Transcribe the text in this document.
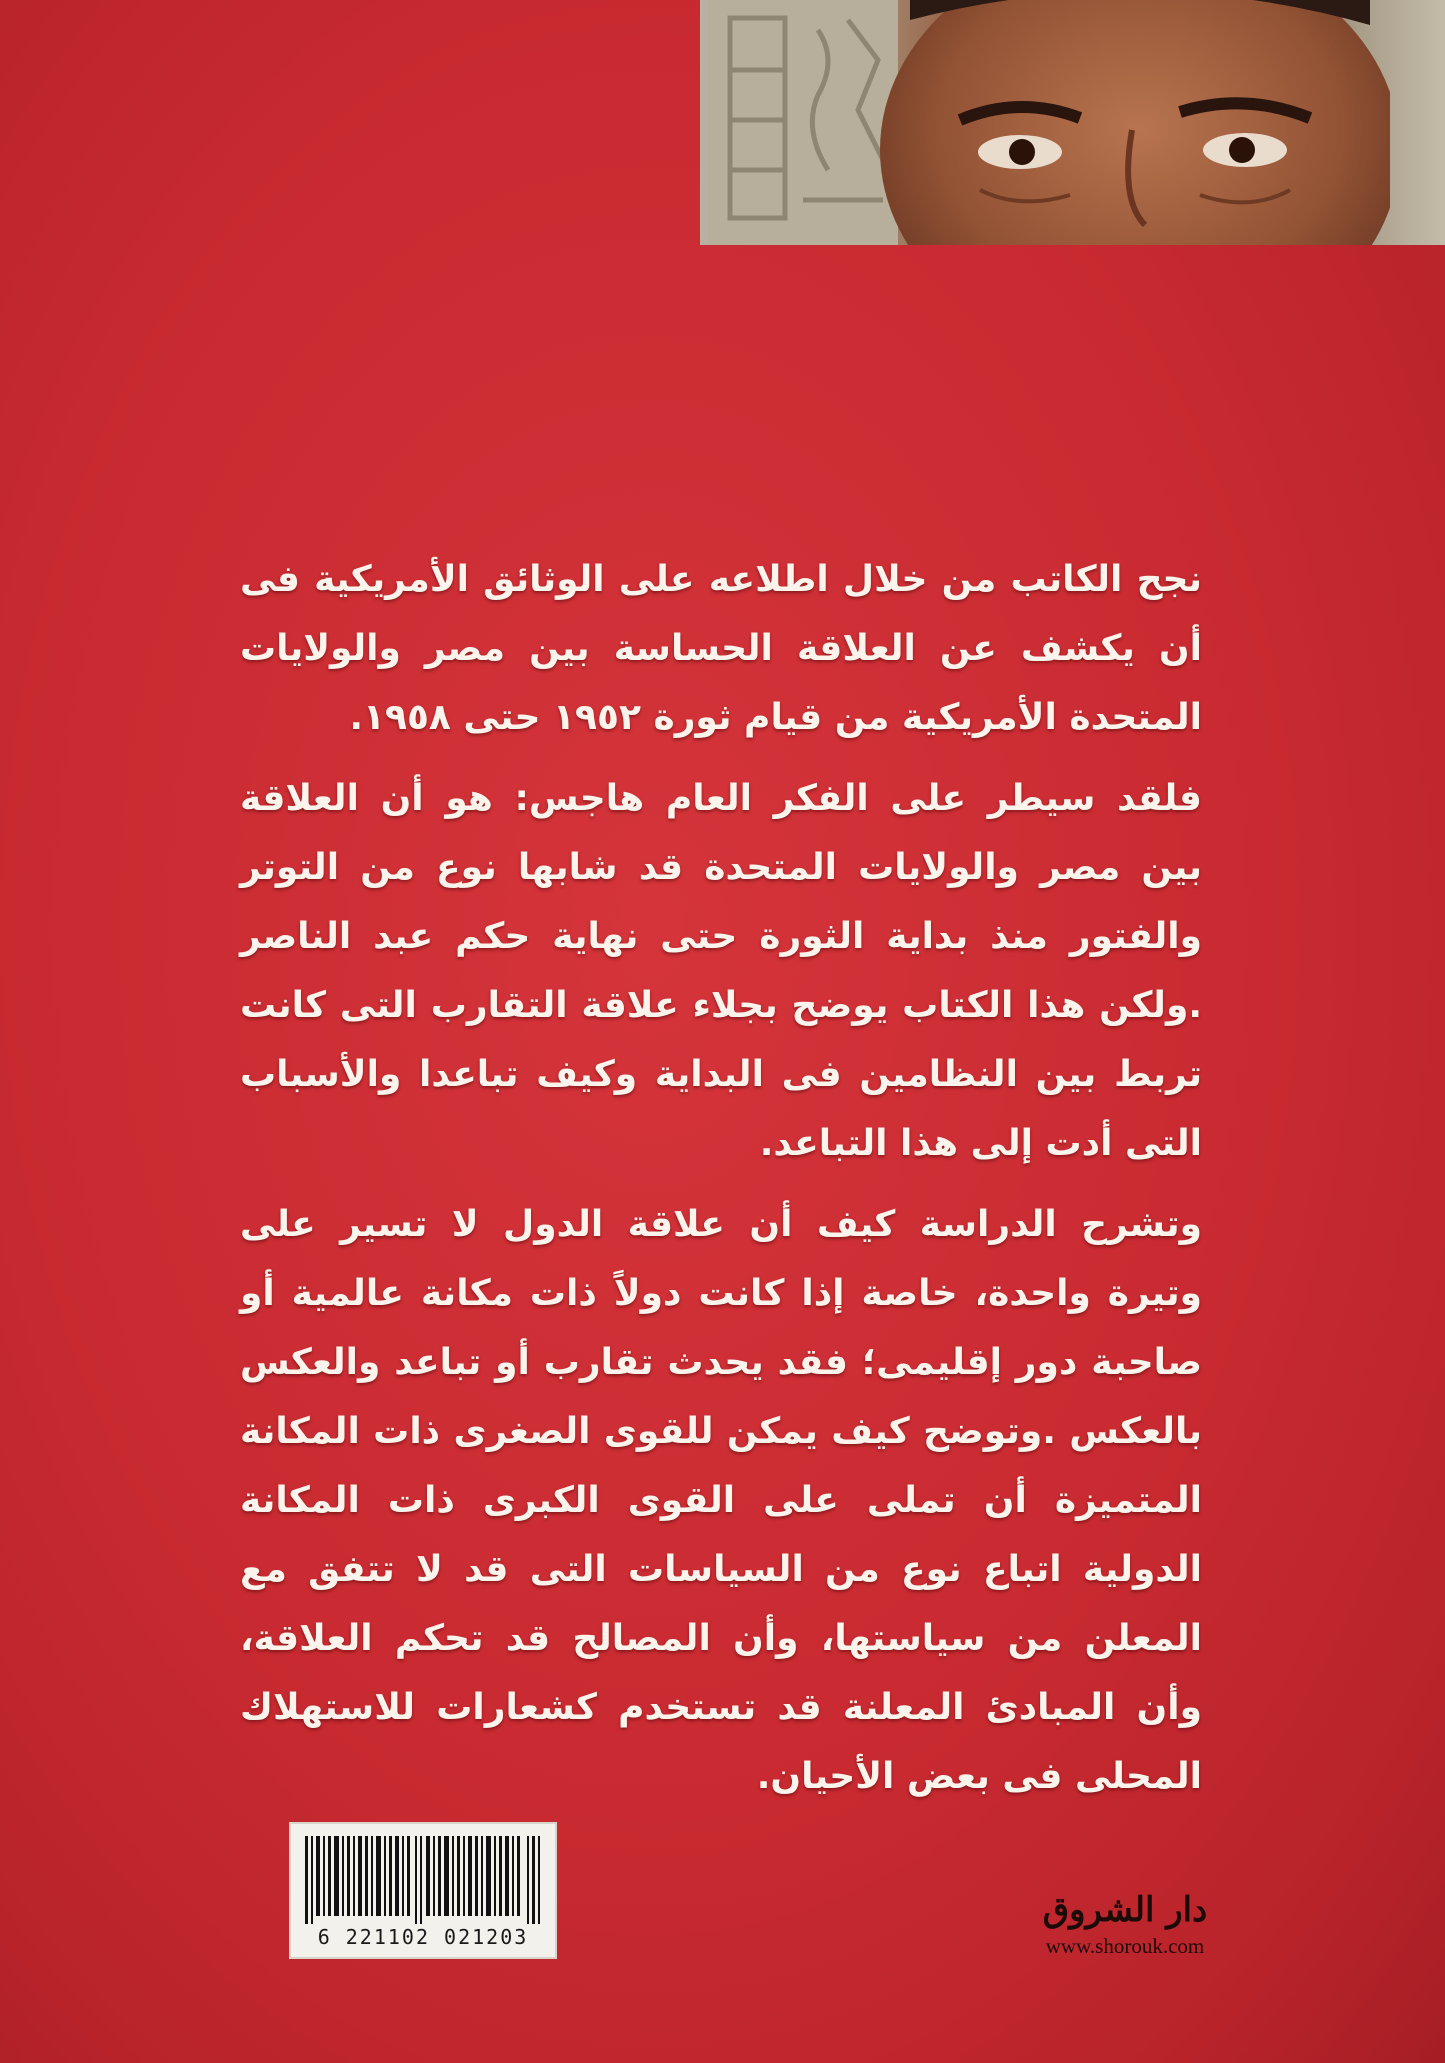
نجح الكاتب من خلال اطلاعه على الوثائق الأمريكية فى أن يكشف عن العلاقة الحساسة بين مصر والولايات المتحدة الأمريكية من قيام ثورة ١٩٥٢ حتى ١٩٥٨.

فلقد سيطر على الفكر العام هاجس: هو أن العلاقة بين مصر والولايات المتحدة قد شابها نوع من التوتر والفتور منذ بداية الثورة حتى نهاية حكم عبد الناصر .ولكن هذا الكتاب يوضح بجلاء علاقة التقارب التى كانت تربط بين النظامين فى البداية وكيف تباعدا والأسباب التى أدت إلى هذا التباعد.

وتشرح الدراسة كيف أن علاقة الدول لا تسير على وتيرة واحدة، خاصة إذا كانت دولاً ذات مكانة عالمية أو صاحبة دور إقليمى؛ فقد يحدث تقارب أو تباعد والعكس بالعكس .وتوضح كيف يمكن للقوى الصغرى ذات المكانة المتميزة أن تملى على القوى الكبرى ذات المكانة الدولية اتباع نوع من السياسات التى قد لا تتفق مع المعلن من سياستها، وأن المصالح قد تحكم العلاقة، وأن المبادئ المعلنة قد تستخدم كشعارات للاستهلاك المحلى فى بعض الأحيان.

6 221102 021203
دار الشروق
www.shorouk.com
